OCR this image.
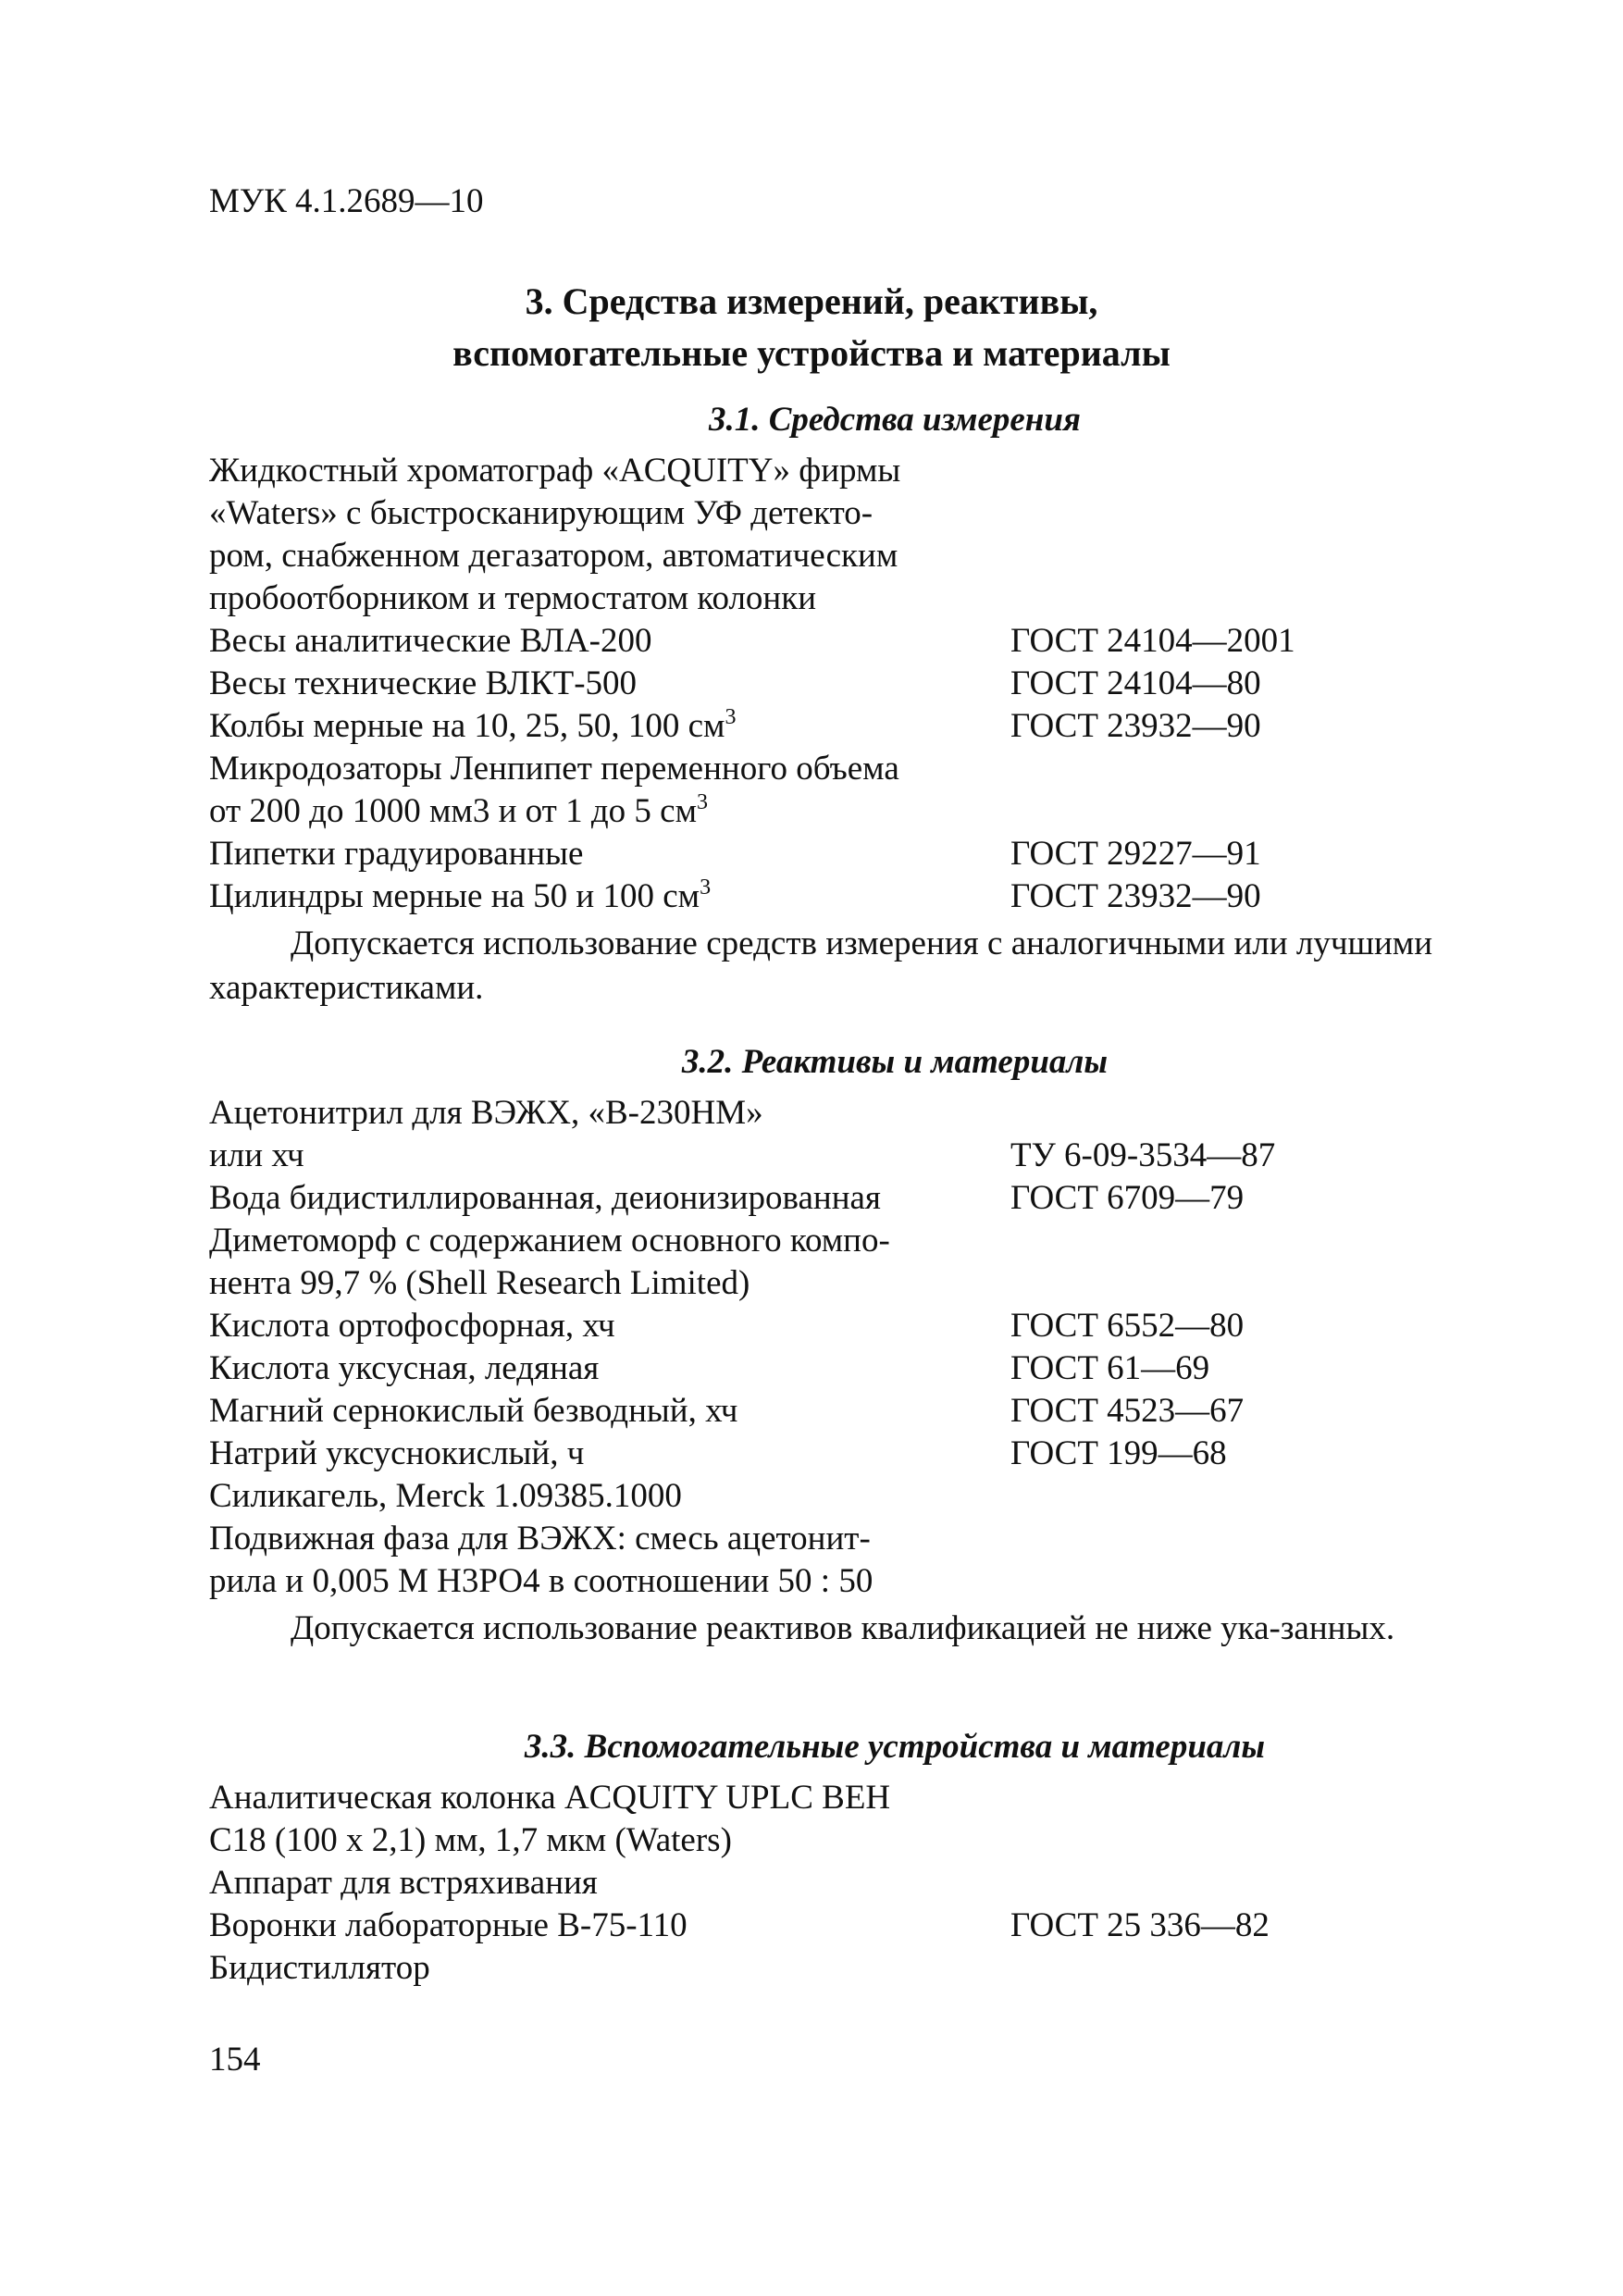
МУК 4.1.2689—10
3. Средства измерений, реактивы,
вспомогательные устройства и материалы
3.1. Средства измерения
Жидкостный хроматограф «ACQUITY» фирмы
«Waters» с быстросканирующим УФ детекто-
ром, снабженном дегазатором, автоматическим
пробоотборником и термостатом колонки
Весы аналитические ВЛА-200	ГОСТ 24104—2001
Весы технические ВЛКТ-500	ГОСТ 24104—80
Колбы мерные на 10, 25, 50, 100 $см^3$	ГОСТ 23932—90
Микродозаторы Ленпипет переменного объема
от 200 до 1000 мм3 и от 1 до 5 $см^3$
Пипетки градуированные	ГОСТ 29227—91
Цилиндры мерные на 50 и 100 $см^3$	ГОСТ 23932—90
Допускается использование средств измерения с аналогичными или лучшими характеристиками.
3.2. Реактивы и материалы
Ацетонитрил для ВЭЖХ, «В-230НМ»
или хч	ТУ 6-09-3534—87
Вода бидистиллированная, деионизированная	ГОСТ 6709—79
Диметоморф с содержанием основного компо-
нента 99,7 % (Shell Research Limited)
Кислота ортофосфорная, хч	ГОСТ 6552—80
Кислота уксусная, ледяная	ГОСТ 61—69
Магний сернокислый безводный, хч	ГОСТ 4523—67
Натрий уксуснокислый, ч	ГОСТ 199—68
Силикагель, Merck 1.09385.1000
Подвижная фаза для ВЭЖХ: смесь ацетонит-
рила и 0,005 М Н3РО4 в соотношении 50 : 50
Допускается использование реактивов квалификацией не ниже ука-занных.
3.3. Вспомогательные устройства и материалы
Аналитическая колонка ACQUITY UPLC BEH
С18 (100 х 2,1) мм, 1,7 мкм (Waters)
Аппарат для встряхивания
Воронки лабораторные В-75-110	ГОСТ 25 336—82
Бидистиллятор
154
